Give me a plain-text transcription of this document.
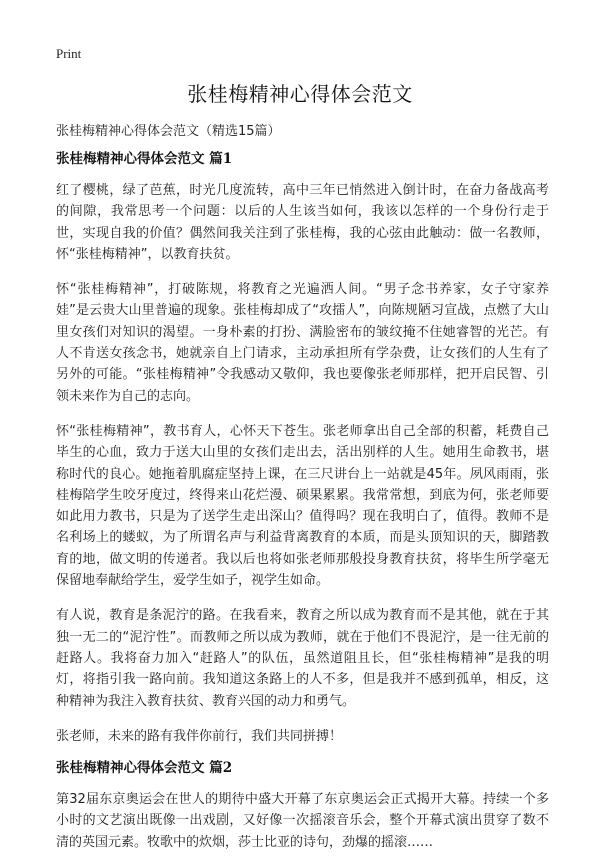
Print
张桂梅精神心得体会范文
张桂梅精神心得体会范文（精选15篇）
张桂梅精神心得体会范文 篇1

红了樱桃，绿了芭蕉，时光几度流转，高中三年已悄然进入倒计时，在奋力备战高考的间隙，我常思考一个问题：以后的人生该当如何，我该以怎样的一个身份行走于世，实现自我的价值？偶然间我关注到了张桂梅，我的心弦由此触动：做一名教师，怀“张桂梅精神”，以教育扶贫。

怀“张桂梅精神”，打破陈规，将教育之光遍洒人间。“男子念书养家，女子守家养娃”是云贵大山里普遍的现象。张桂梅却成了“攻擂人”，向陈规陋习宣战，点燃了大山里女孩们对知识的渴望。一身朴素的打扮、满脸密布的皱纹掩不住她睿智的光芒。有人不肯送女孩念书，她就亲自上门请求，主动承担所有学杂费，让女孩们的人生有了另外的可能。“张桂梅精神”令我感动又敬仰，我也要像张老师那样，把开启民智、引领未来作为自己的志向。

怀“张桂梅精神”，教书育人，心怀天下苍生。张老师拿出自己全部的积蓄，耗费自己毕生的心血，致力于送大山里的女孩们走出去，活出别样的人生。她用生命教书，堪称时代的良心。她拖着肌腐症坚持上课，在三尺讲台上一站就是45年。夙风雨雨，张桂梅陪学生咬牙度过，终得来山花烂漫、硕果累累。我常常想，到底为何，张老师要如此用力教书，只是为了送学生走出深山？值得吗？现在我明白了，值得。教师不是名利场上的蝼蚁，为了所谓名声与利益背离教育的本质，而是头顶知识的天，脚踏教育的地，做文明的传递者。我以后也将如张老师那般投身教育扶贫，将毕生所学毫无保留地奉献给学生，爱学生如子，视学生如命。

有人说，教育是条泥泞的路。在我看来，教育之所以成为教育而不是其他，就在于其独一无二的“泥泞性”。而教师之所以成为教师，就在于他们不畏泥泞，是一往无前的赶路人。我将奋力加入“赶路人”的队伍，虽然道阻且长，但“张桂梅精神”是我的明灯，将指引我一路向前。我知道这条路上的人不多，但是我并不感到孤单，相反，这种精神为我注入教育扶贫、教育兴国的动力和勇气。

张老师，未来的路有我伴你前行，我们共同拼搏！

张桂梅精神心得体会范文 篇2

第32届东京奥运会在世人的期待中盛大开幕了东京奥运会正式揭开大幕。持续一个多小时的文艺演出既像一出戏剧，又好像一次摇滚音乐会，整个开幕式演出贯穿了数不清的英国元素。牧歌中的炊烟，莎士比亚的诗句，劲爆的摇滚……
